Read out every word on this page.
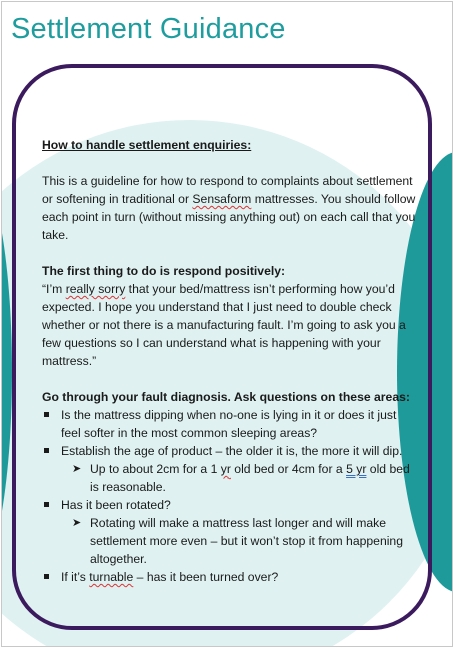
Settlement Guidance

How to handle settlement enquiries:

This is a guideline for how to respond to complaints about settlement or softening in traditional or Sensaform mattresses. You should follow each point in turn (without missing anything out) on each call that you take.

The first thing to do is respond positively:

“I’m really sorry that your bed/mattress isn’t performing how you’d expected. I hope you understand that I just need to double check whether or not there is a manufacturing fault. I’m going to ask you a few questions so I can understand what is happening with your mattress.”

Go through your fault diagnosis. Ask questions on these areas:

Is the mattress dipping when no-one is lying in it or does it just feel softer in the most common sleeping areas?
Establish the age of product – the older it is, the more it will dip.
➤ Up to about 2cm for a 1 yr old bed or 4cm for a 5 yr old bed is reasonable.
Has it been rotated?
➤ Rotating will make a mattress last longer and will make settlement more even – but it won’t stop it from happening altogether.
If it’s turnable – has it been turned over?
